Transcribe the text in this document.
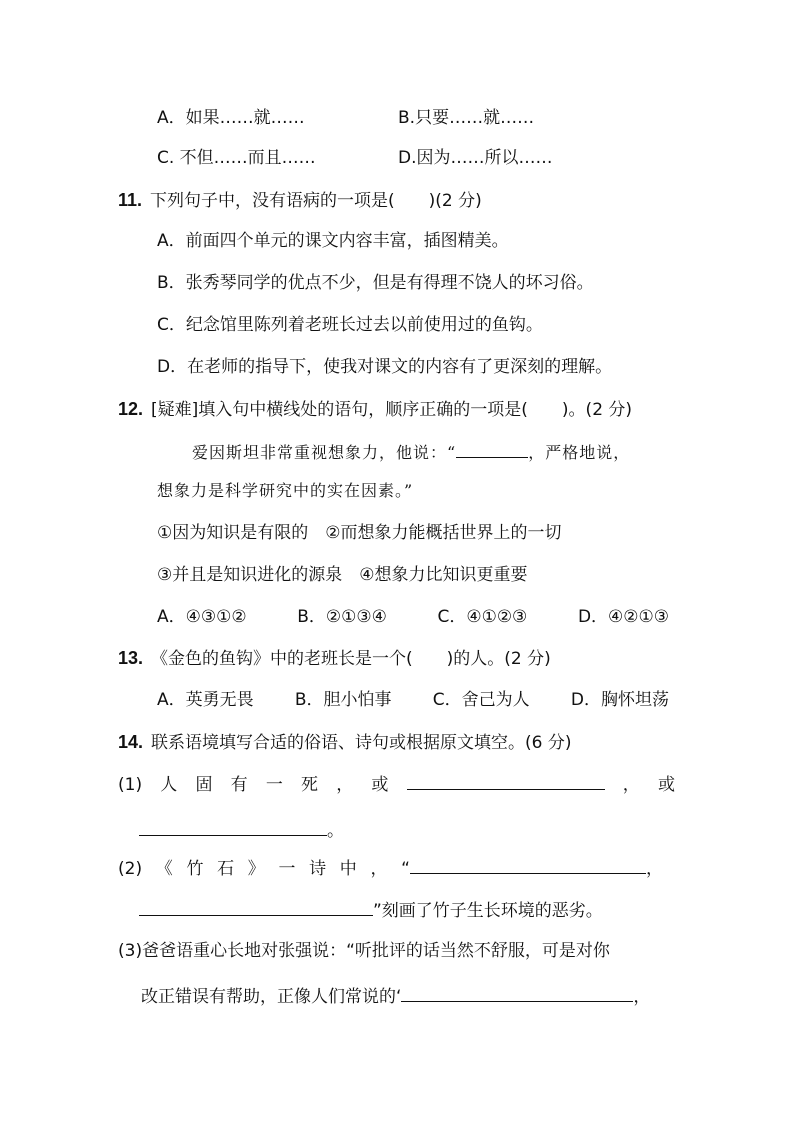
A．如果……就……	B.只要……就……
C. 不但……而且……	D.因为……所以……
11. 下列句子中，没有语病的一项是(　　)(2 分)
A．前面四个单元的课文内容丰富，插图精美。
B．张秀琴同学的优点不少，但是有得理不饶人的坏习俗。
C．纪念馆里陈列着老班长过去以前使用过的鱼钩。
D．在老师的指导下，使我对课文的内容有了更深刻的理解。
12. [疑难]填入句中横线处的语句，顺序正确的一项是(　　)。(2 分)
爱因斯坦非常重视想象力，他说：“	，严格地说，
想象力是科学研究中的实在因素。”
①因为知识是有限的　②而想象力能概括世界上的一切
③并且是知识进化的源泉　④想象力比知识更重要
A．④③①②	B．②①③④	C．④①②③	D．④②①③
13. 《金色的鱼钩》中的老班长是一个(　　)的人。(2 分)
A．英勇无畏 B．胆小怕事 C．舍己为人 D．胸怀坦荡
14. 联系语境填写合适的俗语、诗句或根据原文填空。(6 分)
(1) 人 固 有 一 死 ， 或	， 或
。
(2) 《 竹 石 》 一 诗 中 ， “	，
”刻画了竹子生长环境的恶劣。
(3)爸爸语重心长地对张强说：“听批评的话当然不舒服，可是对你
改正错误有帮助，正像人们常说的‘	，
